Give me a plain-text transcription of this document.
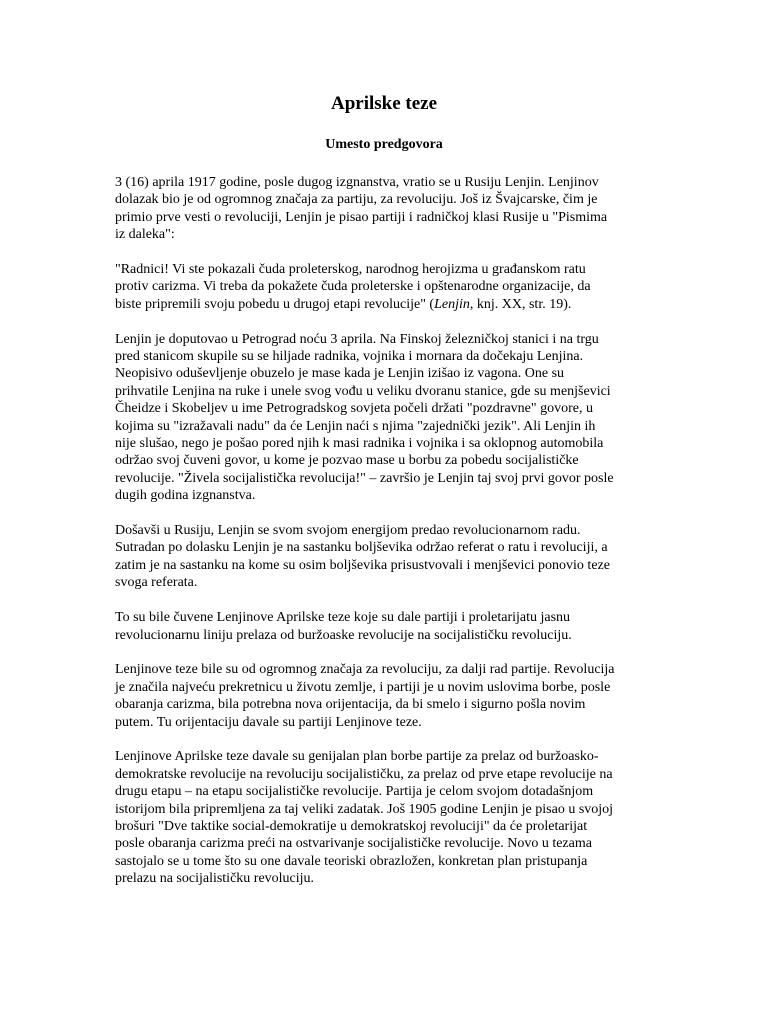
Aprilske teze
Umesto predgovora
3 (16) aprila 1917 godine, posle dugog izgnanstva, vratio se u Rusiju Lenjin. Lenjinov
dolazak bio je od ogromnog značaja za partiju, za revoluciju. Još iz Švajcarske, čim je
primio prve vesti o revoluciji, Lenjin je pisao partiji i radničkoj klasi Rusije u "Pismima
iz daleka":
"Radnici! Vi ste pokazali čuda proleterskog, narodnog herojizma u građanskom ratu
protiv carizma. Vi treba da pokažete čuda proleterske i opštenarodne organizacije, da
biste pripremili svoju pobedu u drugoj etapi revolucije" (Lenjin, knj. XX, str. 19).
Lenjin je doputovao u Petrograd noću 3 aprila. Na Finskoj železničkoj stanici i na trgu
pred stanicom skupile su se hiljade radnika, vojnika i mornara da dočekaju Lenjina.
Neopisivo oduševljenje obuzelo je mase kada je Lenjin izišao iz vagona. One su
prihvatile Lenjina na ruke i unele svog vođu u veliku dvoranu stanice, gde su menjševici
Čheidze i Skobeljev u ime Petrogradskog sovjeta počeli držati "pozdravne" govore, u
kojima su "izražavali nadu" da će Lenjin naći s njima "zajednički jezik". Ali Lenjin ih
nije slušao, nego je pošao pored njih k masi radnika i vojnika i sa oklopnog automobila
održao svoj čuveni govor, u kome je pozvao mase u borbu za pobedu socijalističke
revolucije. "Živela socijalistička revolucija!" – završio je Lenjin taj svoj prvi govor posle
dugih godina izgnanstva.
Došavši u Rusiju, Lenjin se svom svojom energijom predao revolucionarnom radu.
Sutradan po dolasku Lenjin je na sastanku boljševika održao referat o ratu i revoluciji, a
zatim je na sastanku na kome su osim boljševika prisustvovali i menjševici ponovio teze
svoga referata.
To su bile čuvene Lenjinove Aprilske teze koje su dale partiji i proletarijatu jasnu
revolucionarnu liniju prelaza od buržoaske revolucije na socijalističku revoluciju.
Lenjinove teze bile su od ogromnog značaja za revoluciju, za dalji rad partije. Revolucija
je značila najveću prekretnicu u životu zemlje, i partiji je u novim uslovima borbe, posle
obaranja carizma, bila potrebna nova orijentacija, da bi smelo i sigurno pošla novim
putem. Tu orijentaciju davale su partiji Lenjinove teze.
Lenjinove Aprilske teze davale su genijalan plan borbe partije za prelaz od buržoasko-
demokratske revolucije na revoluciju socijalističku, za prelaz od prve etape revolucije na
drugu etapu – na etapu socijalističke revolucije. Partija je celom svojom dotadašnjom
istorijom bila pripremljena za taj veliki zadatak. Još 1905 godine Lenjin je pisao u svojoj
brošuri "Dve taktike social-demokratije u demokratskoj revoluciji" da će proletarijat
posle obaranja carizma preći na ostvarivanje socijalističke revolucije. Novo u tezama
sastojalo se u tome što su one davale teoriski obrazložen, konkretan plan pristupanja
prelazu na socijalističku revoluciju.
